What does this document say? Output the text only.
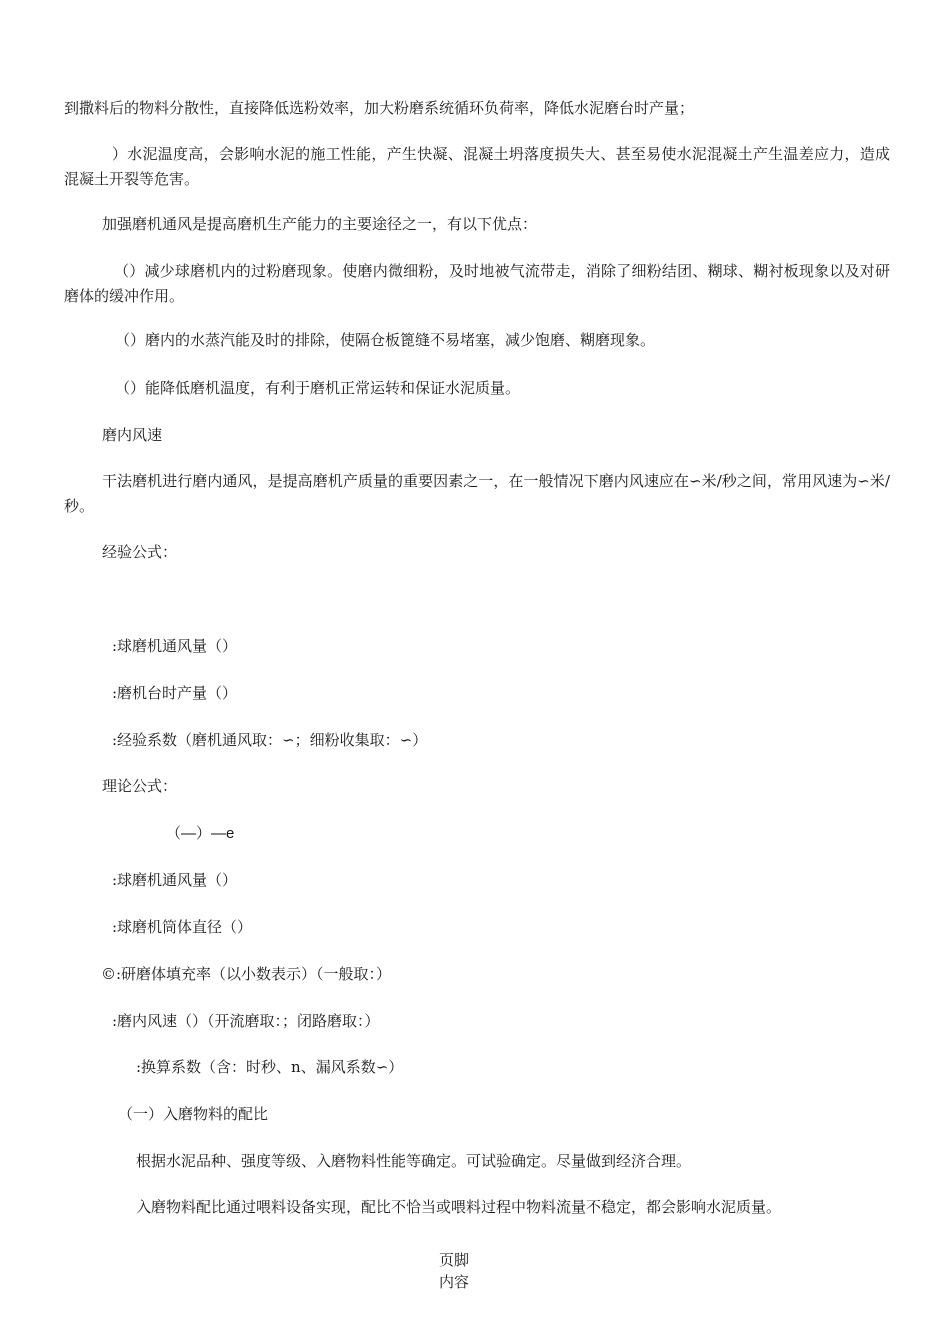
到撒料后的物料分散性，直接降低选粉效率，加大粉磨系统循环负荷率，降低水泥磨台时产量；

）水泥温度高，会影响水泥的施工性能，产生快凝、混凝土坍落度损失大、甚至易使水泥混凝土产生温差应力，造成混凝土开裂等危害。

加强磨机通风是提高磨机生产能力的主要途径之一，有以下优点：

（）减少球磨机内的过粉磨现象。使磨内微细粉，及时地被气流带走，消除了细粉结团、糊球、糊衬板现象以及对研磨体的缓冲作用。

（）磨内的水蒸汽能及时的排除，使隔仓板篦缝不易堵塞，减少饱磨、糊磨现象。

（）能降低磨机温度，有利于磨机正常运转和保证水泥质量。

磨内风速

干法磨机进行磨内通风，是提高磨机产质量的重要因素之一，在一般情况下磨内风速应在∽米/秒之间，常用风速为∽米/秒。

经验公式：

:球磨机通风量（）

:磨机台时产量（）

:经验系数（磨机通风取：∽；细粉收集取：∽）

理论公式：

（—）—e

:球磨机通风量（）

:球磨机筒体直径（）

©:研磨体填充率（以小数表示）（一般取：）

:磨内风速（）（开流磨取：；闭路磨取：）

:换算系数（含：时秒、n、漏风系数∽）

（一）入磨物料的配比

根据水泥品种、强度等级、入磨物料性能等确定。可试验确定。尽量做到经济合理。

入磨物料配比通过喂料设备实现，配比不恰当或喂料过程中物料流量不稳定，都会影响水泥质量。

页脚内容
